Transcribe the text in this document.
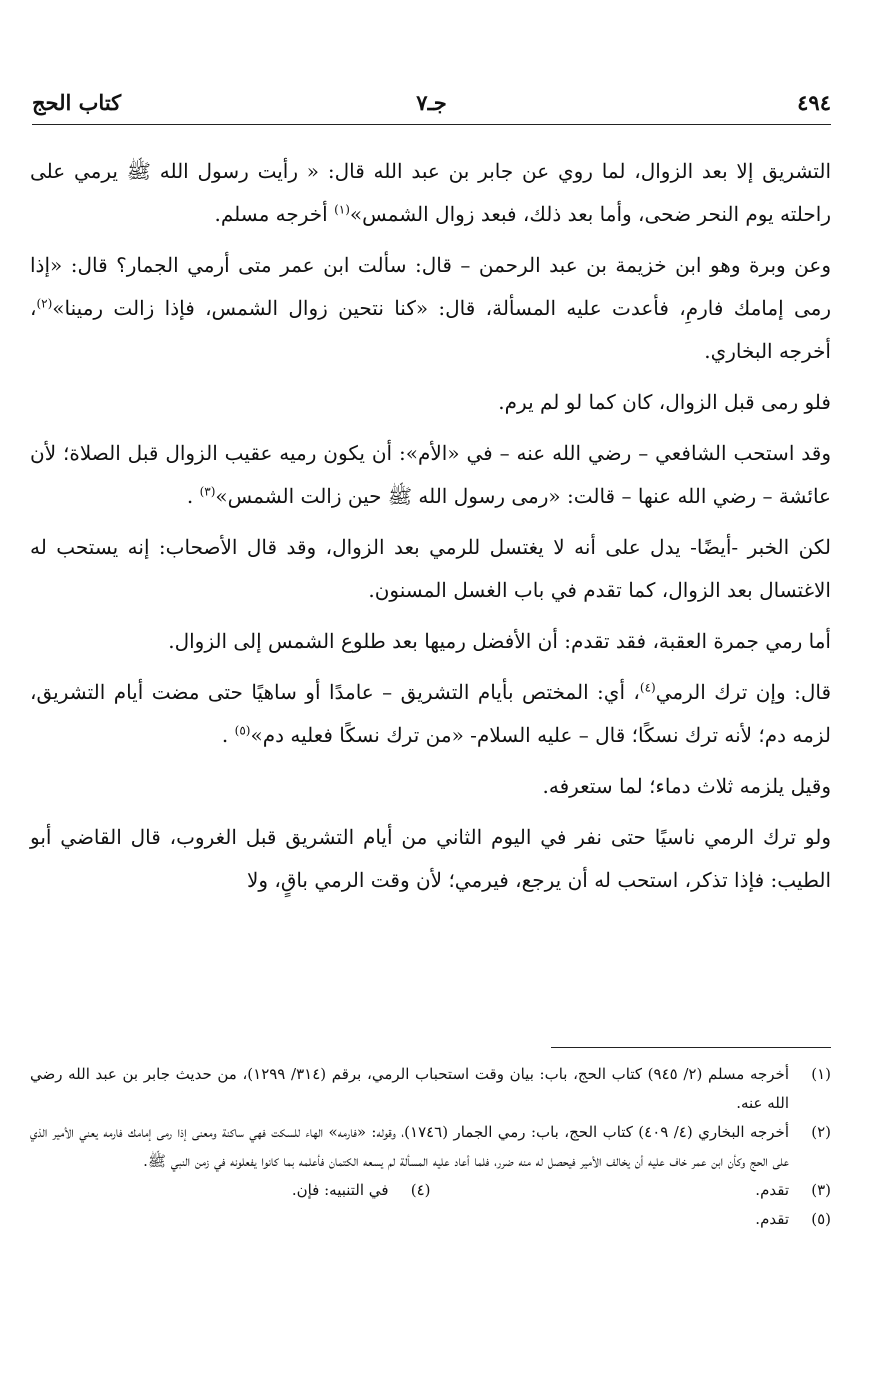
٤٩٤
جـ٧
كتاب الحج

التشريق إلا بعد الزوال، لما روي عن جابر بن عبد الله قال: « رأيت رسول الله ﷺ يرمي على راحلته يوم النحر ضحى، وأما بعد ذلك، فبعد زوال الشمس»$^{(١)}$ أخرجه مسلم.

وعن وبرة وهو ابن خزيمة بن عبد الرحمن – قال: سألت ابن عمر متى أرمي الجمار؟ قال: «إذا رمى إمامك فارمِ، فأعدت عليه المسألة، قال: «كنا نتحين زوال الشمس، فإذا زالت رمينا»$^{(٢)}$، أخرجه البخاري.

فلو رمى قبل الزوال، كان كما لو لم يرم.

وقد استحب الشافعي – رضي الله عنه – في «الأم»: أن يكون رميه عقيب الزوال قبل الصلاة؛ لأن عائشة – رضي الله عنها – قالت: «رمى رسول الله ﷺ حين زالت الشمس»$^{(٣)}$ .

لكن الخبر -أيضًا- يدل على أنه لا يغتسل للرمي بعد الزوال، وقد قال الأصحاب: إنه يستحب له الاغتسال بعد الزوال، كما تقدم في باب الغسل المسنون.

أما رمي جمرة العقبة، فقد تقدم: أن الأفضل رميها بعد طلوع الشمس إلى الزوال.

قال: وإن ترك الرمي$^{(٤)}$، أي: المختص بأيام التشريق – عامدًا أو ساهيًا حتى مضت أيام التشريق، لزمه دم؛ لأنه ترك نسكًا؛ قال – عليه السلام- «من ترك نسكًا فعليه دم»$^{(٥)}$ .

وقيل يلزمه ثلاث دماء؛ لما ستعرفه.

ولو ترك الرمي ناسيًا حتى نفر في اليوم الثاني من أيام التشريق قبل الغروب، قال القاضي أبو الطيب: فإذا تذكر، استحب له أن يرجع، فيرمي؛ لأن وقت الرمي باقٍ، ولا

(١)
أخرجه مسلم (٢/ ٩٤٥) كتاب الحج، باب: بيان وقت استحباب الرمي، برقم (٣١٤/ ١٢٩٩)، من حديث جابر بن عبد الله رضي الله عنه.
(٢)
أخرجه البخاري (٤/ ٤٠٩) كتاب الحج، باب: رمي الجمار (١٧٤٦)، وقوله: «فارمه» الهاء للسكت فهي ساكنة ومعنى إذا رمى إمامك فارمه يعني الأمير الذي على الحج وكأن ابن عمر خاف عليه أن يخالف الأمير فيحصل له منه ضرر، فلما أعاد عليه المسألة لم يسعه الكتمان فأعلمه بما كانوا يفعلونه في زمن النبي ﷺ.
(٣)
تقدم.
(٤)
في التنبيه: فإن.
(٥)
تقدم.
